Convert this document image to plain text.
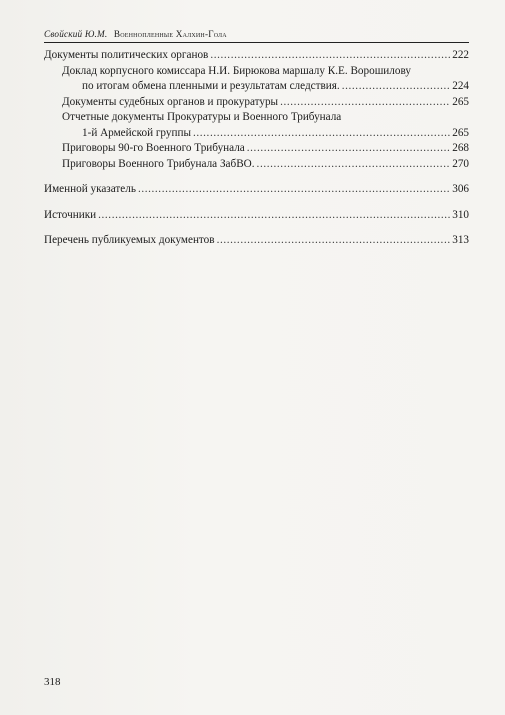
Свойский Ю.М. Военнопленные Халхин-Гола
Документы политических органов . . .	222
Доклад корпусного комиссара Н.И. Бирюкова маршалу К.Е. Ворошилову
по итогам обмена пленными и результатам следствия. . . .	224
Документы судебных органов и прокуратуры . . .	265
Отчетные документы Прокуратуры и Военного Трибунала
1-й Армейской группы . . .	265
Приговоры 90-го Военного Трибунала . . .	268
Приговоры Военного Трибунала ЗабВО. . . .	270
Именной указатель . . .	306
Источники . . .	310
Перечень публикуемых документов . . .	313
318
